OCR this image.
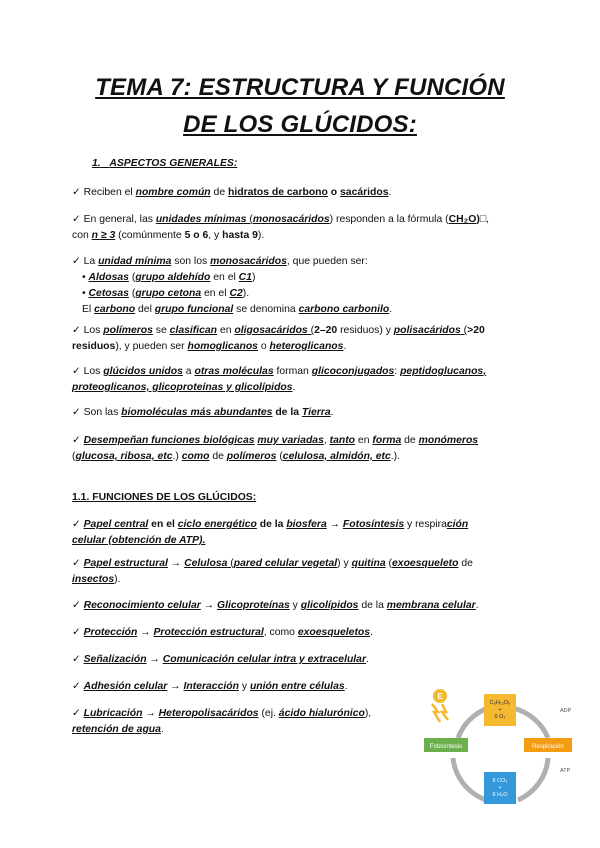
TEMA 7: ESTRUCTURA Y FUNCIÓN
DE LOS GLÚCIDOS:
1. ASPECTOS GENERALES:
✓ Reciben el nombre común de hidratos de carbono o sacáridos.
✓ En general, las unidades mínimas (monosacáridos) responden a la fórmula (CH₂O)□,
con n ≥ 3 (comúnmente 5 o 6, y hasta 9).
✓ La unidad mínima son los monosacáridos, que pueden ser:
• Aldosas (grupo aldehído en el C1)
• Cetosas (grupo cetona en el C2).
El carbono del grupo funcional se denomina carbono carbonilo.
✓ Los polímeros se clasifican en oligosacáridos (2–20 residuos) y polisacáridos (>20
residuos), y pueden ser homoglicanos o heteroglicanos.
✓ Los glúcidos unidos a otras moléculas forman glicoconjugados: peptidoglucanos,
proteoglicanos, glicoproteínas y glicolípidos.
✓ Son las biomoléculas más abundantes de la Tierra.
✓ Desempeñan funciones biológicas muy variadas, tanto en forma de monómeros
(glucosa, ribosa, etc.) como de polímeros (celulosa, almidón, etc.).
1.1. FUNCIONES DE LOS GLÚCIDOS:
✓ Papel central en el ciclo energético de la biosfera → Fotosíntesis y respiración
celular (obtención de ATP).
✓ Papel estructural → Celulosa (pared celular vegetal) y quitina (exoesqueleto de
insectos).
✓ Reconocimiento celular → Glicoproteínas y glicolípidos de la membrana celular.
✓ Protección → Protección estructural, como exoesqueletos.
✓ Señalización → Comunicación celular intra y extracelular.
✓ Adhesión celular → Interacción y unión entre células.
✓ Lubricación → Heteropolisacáridos (ej. ácido hialurónico),
retención de agua.
E
C₆H₁₂O₆
+
6 O₂
Fotosíntesis	Respiración
6 CO₂
+
6 H₂O
ADP
ATP
